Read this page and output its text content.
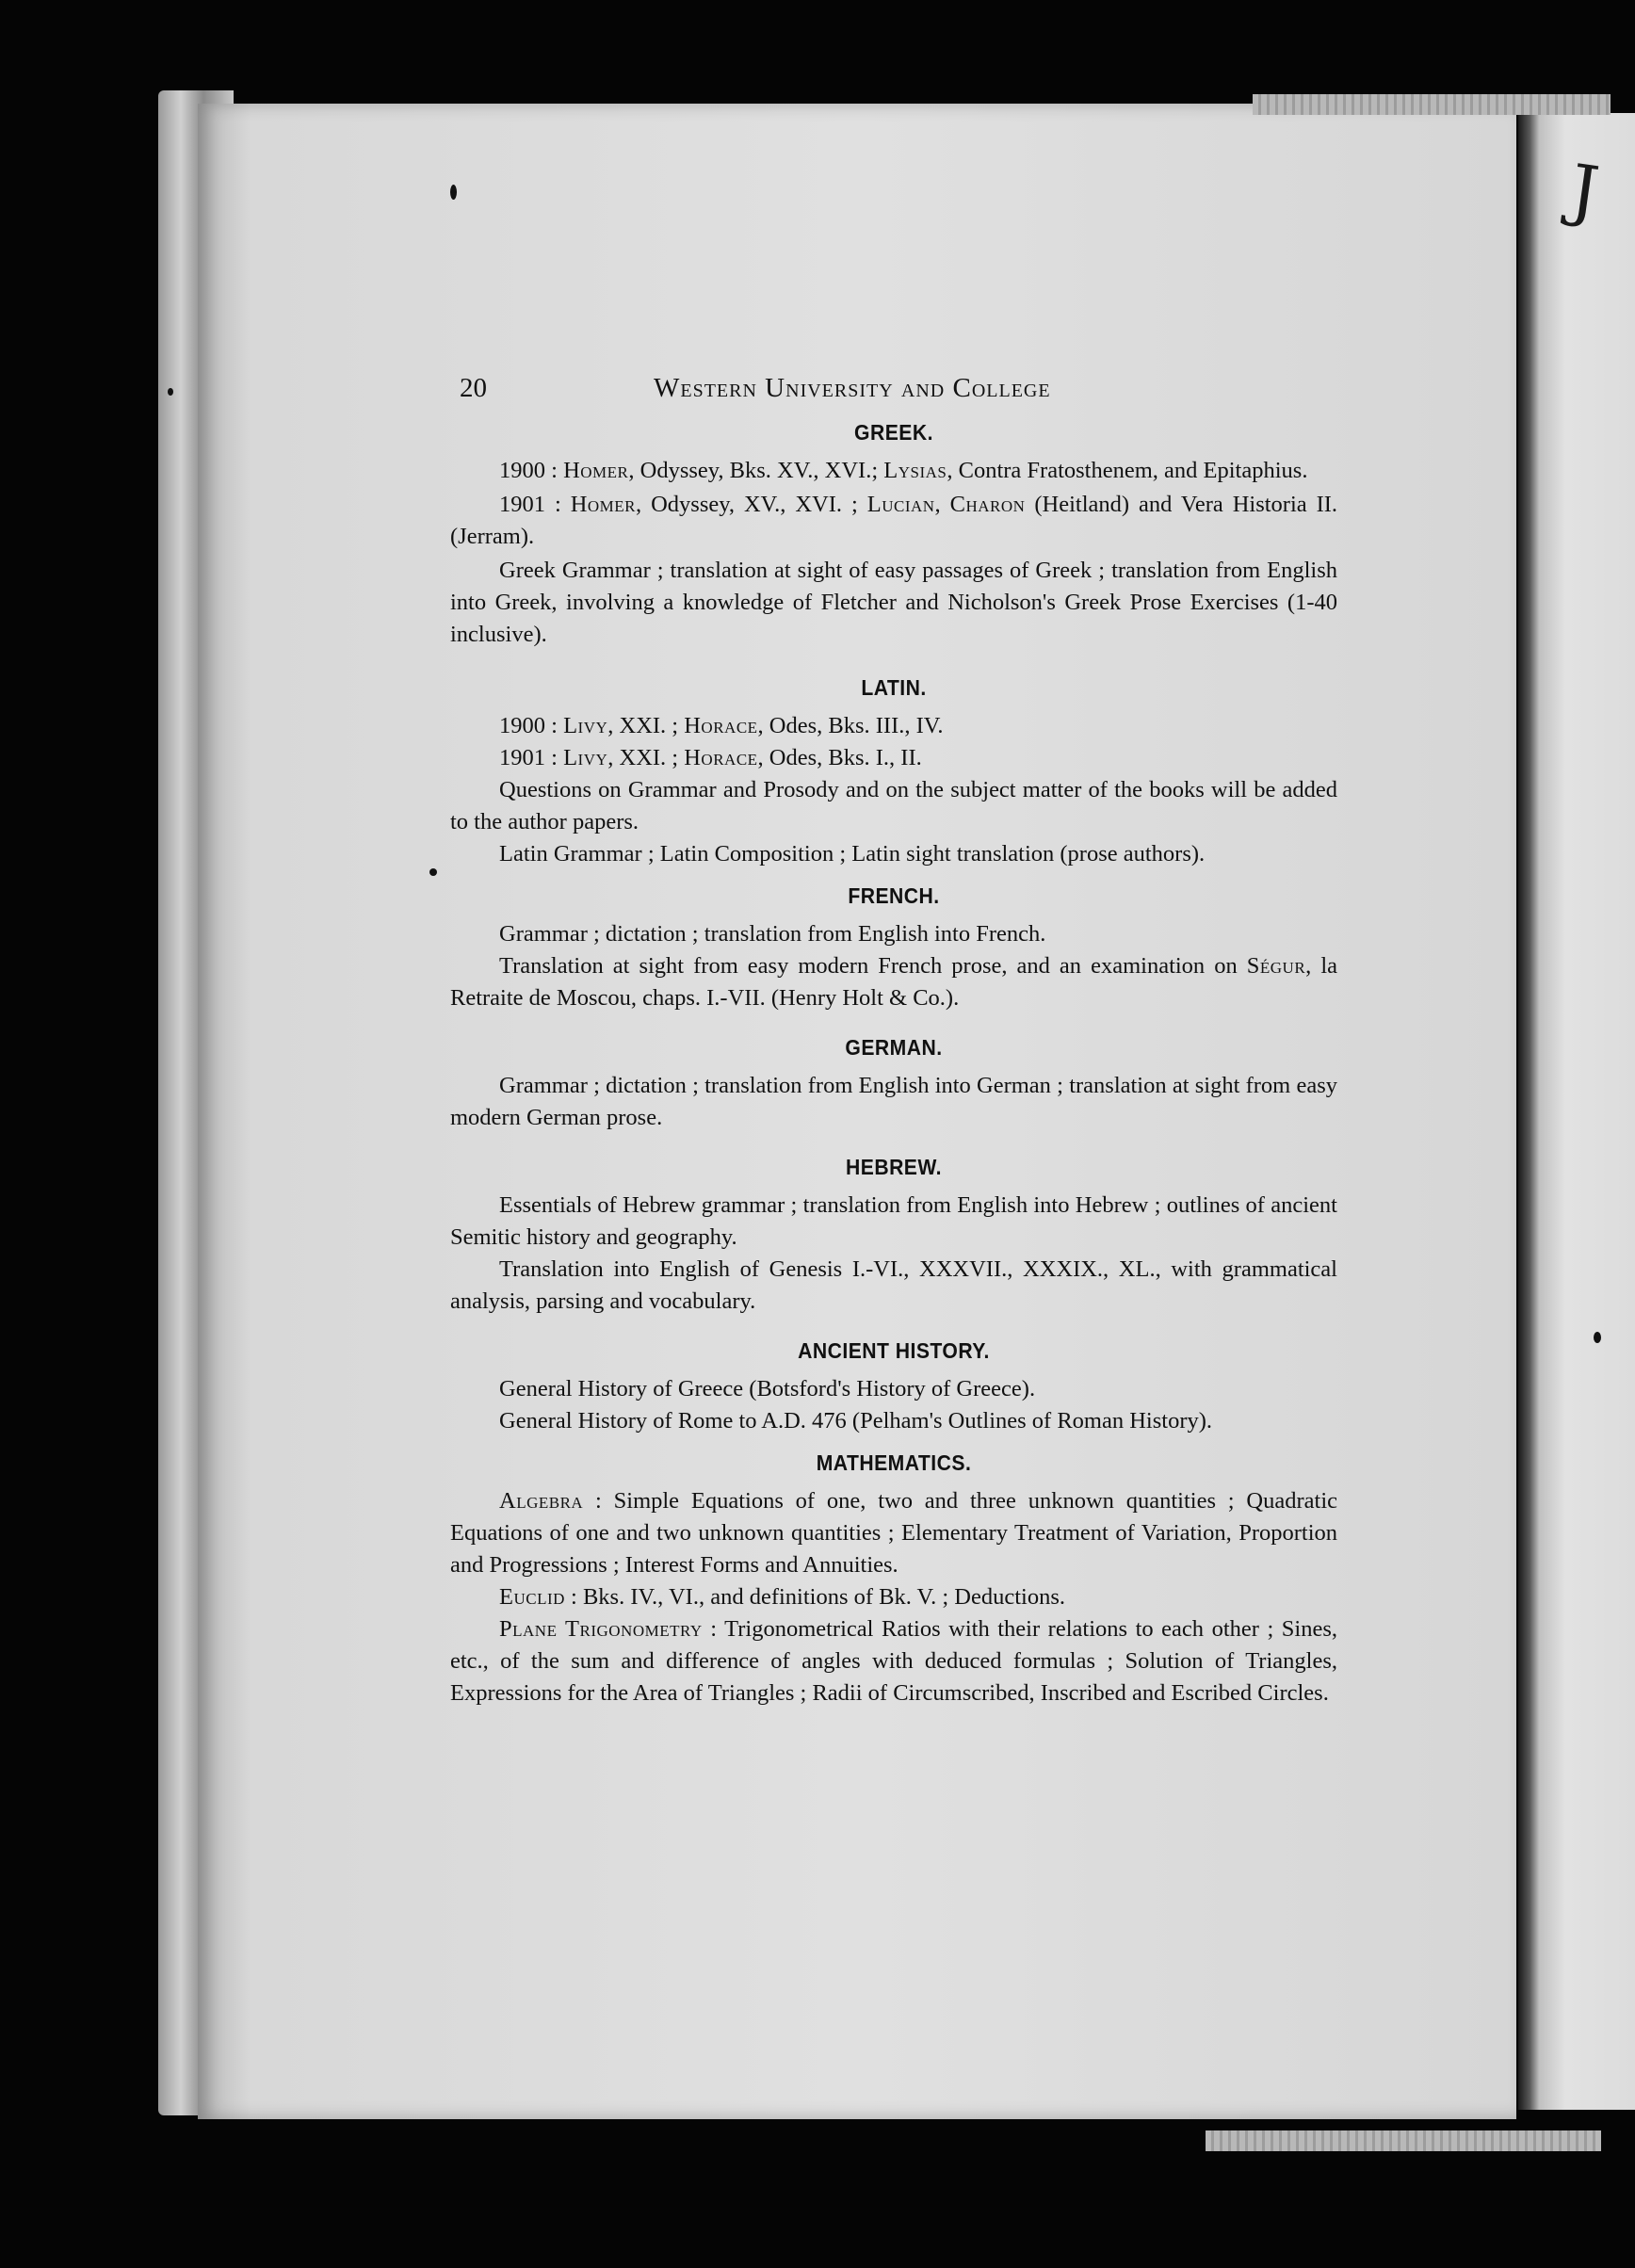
J
20	Western University and College
GREEK.

1900 : Homer, Odyssey, Bks. XV., XVI.; Lysias, Contra Fratosthenem, and Epitaphius.

1901 : Homer, Odyssey, XV., XVI. ; Lucian, Charon (Heitland) and Vera Historia II. (Jerram).

Greek Grammar ; translation at sight of easy passages of Greek ; translation from English into Greek, involving a knowledge of Fletcher and Nicholson's Greek Prose Exercises (1-40 inclusive).

LATIN.

1900 : Livy, XXI. ; Horace, Odes, Bks. III., IV.

1901 : Livy, XXI. ; Horace, Odes, Bks. I., II.

Questions on Grammar and Prosody and on the subject matter of the books will be added to the author papers.

Latin Grammar ; Latin Composition ; Latin sight translation (prose authors).

FRENCH.

Grammar ; dictation ; translation from English into French.

Translation at sight from easy modern French prose, and an examination on Ségur, la Retraite de Moscou, chaps. I.-VII. (Henry Holt & Co.).

GERMAN.

Grammar ; dictation ; translation from English into German ; translation at sight from easy modern German prose.

HEBREW.

Essentials of Hebrew grammar ; translation from English into Hebrew ; outlines of ancient Semitic history and geography.

Translation into English of Genesis I.-VI., XXXVII., XXXIX., XL., with grammatical analysis, parsing and vocabulary.

ANCIENT HISTORY.

General History of Greece (Botsford's History of Greece).

General History of Rome to A.D. 476 (Pelham's Outlines of Roman History).

MATHEMATICS.

Algebra : Simple Equations of one, two and three unknown quantities ; Quadratic Equations of one and two unknown quantities ; Elementary Treatment of Variation, Proportion and Progressions ; Interest Forms and Annuities.

Euclid : Bks. IV., VI., and definitions of Bk. V. ; Deductions.

Plane Trigonometry : Trigonometrical Ratios with their relations to each other ; Sines, etc., of the sum and difference of angles with deduced formulas ; Solution of Triangles, Expressions for the Area of Triangles ; Radii of Circumscribed, Inscribed and Escribed Circles.
